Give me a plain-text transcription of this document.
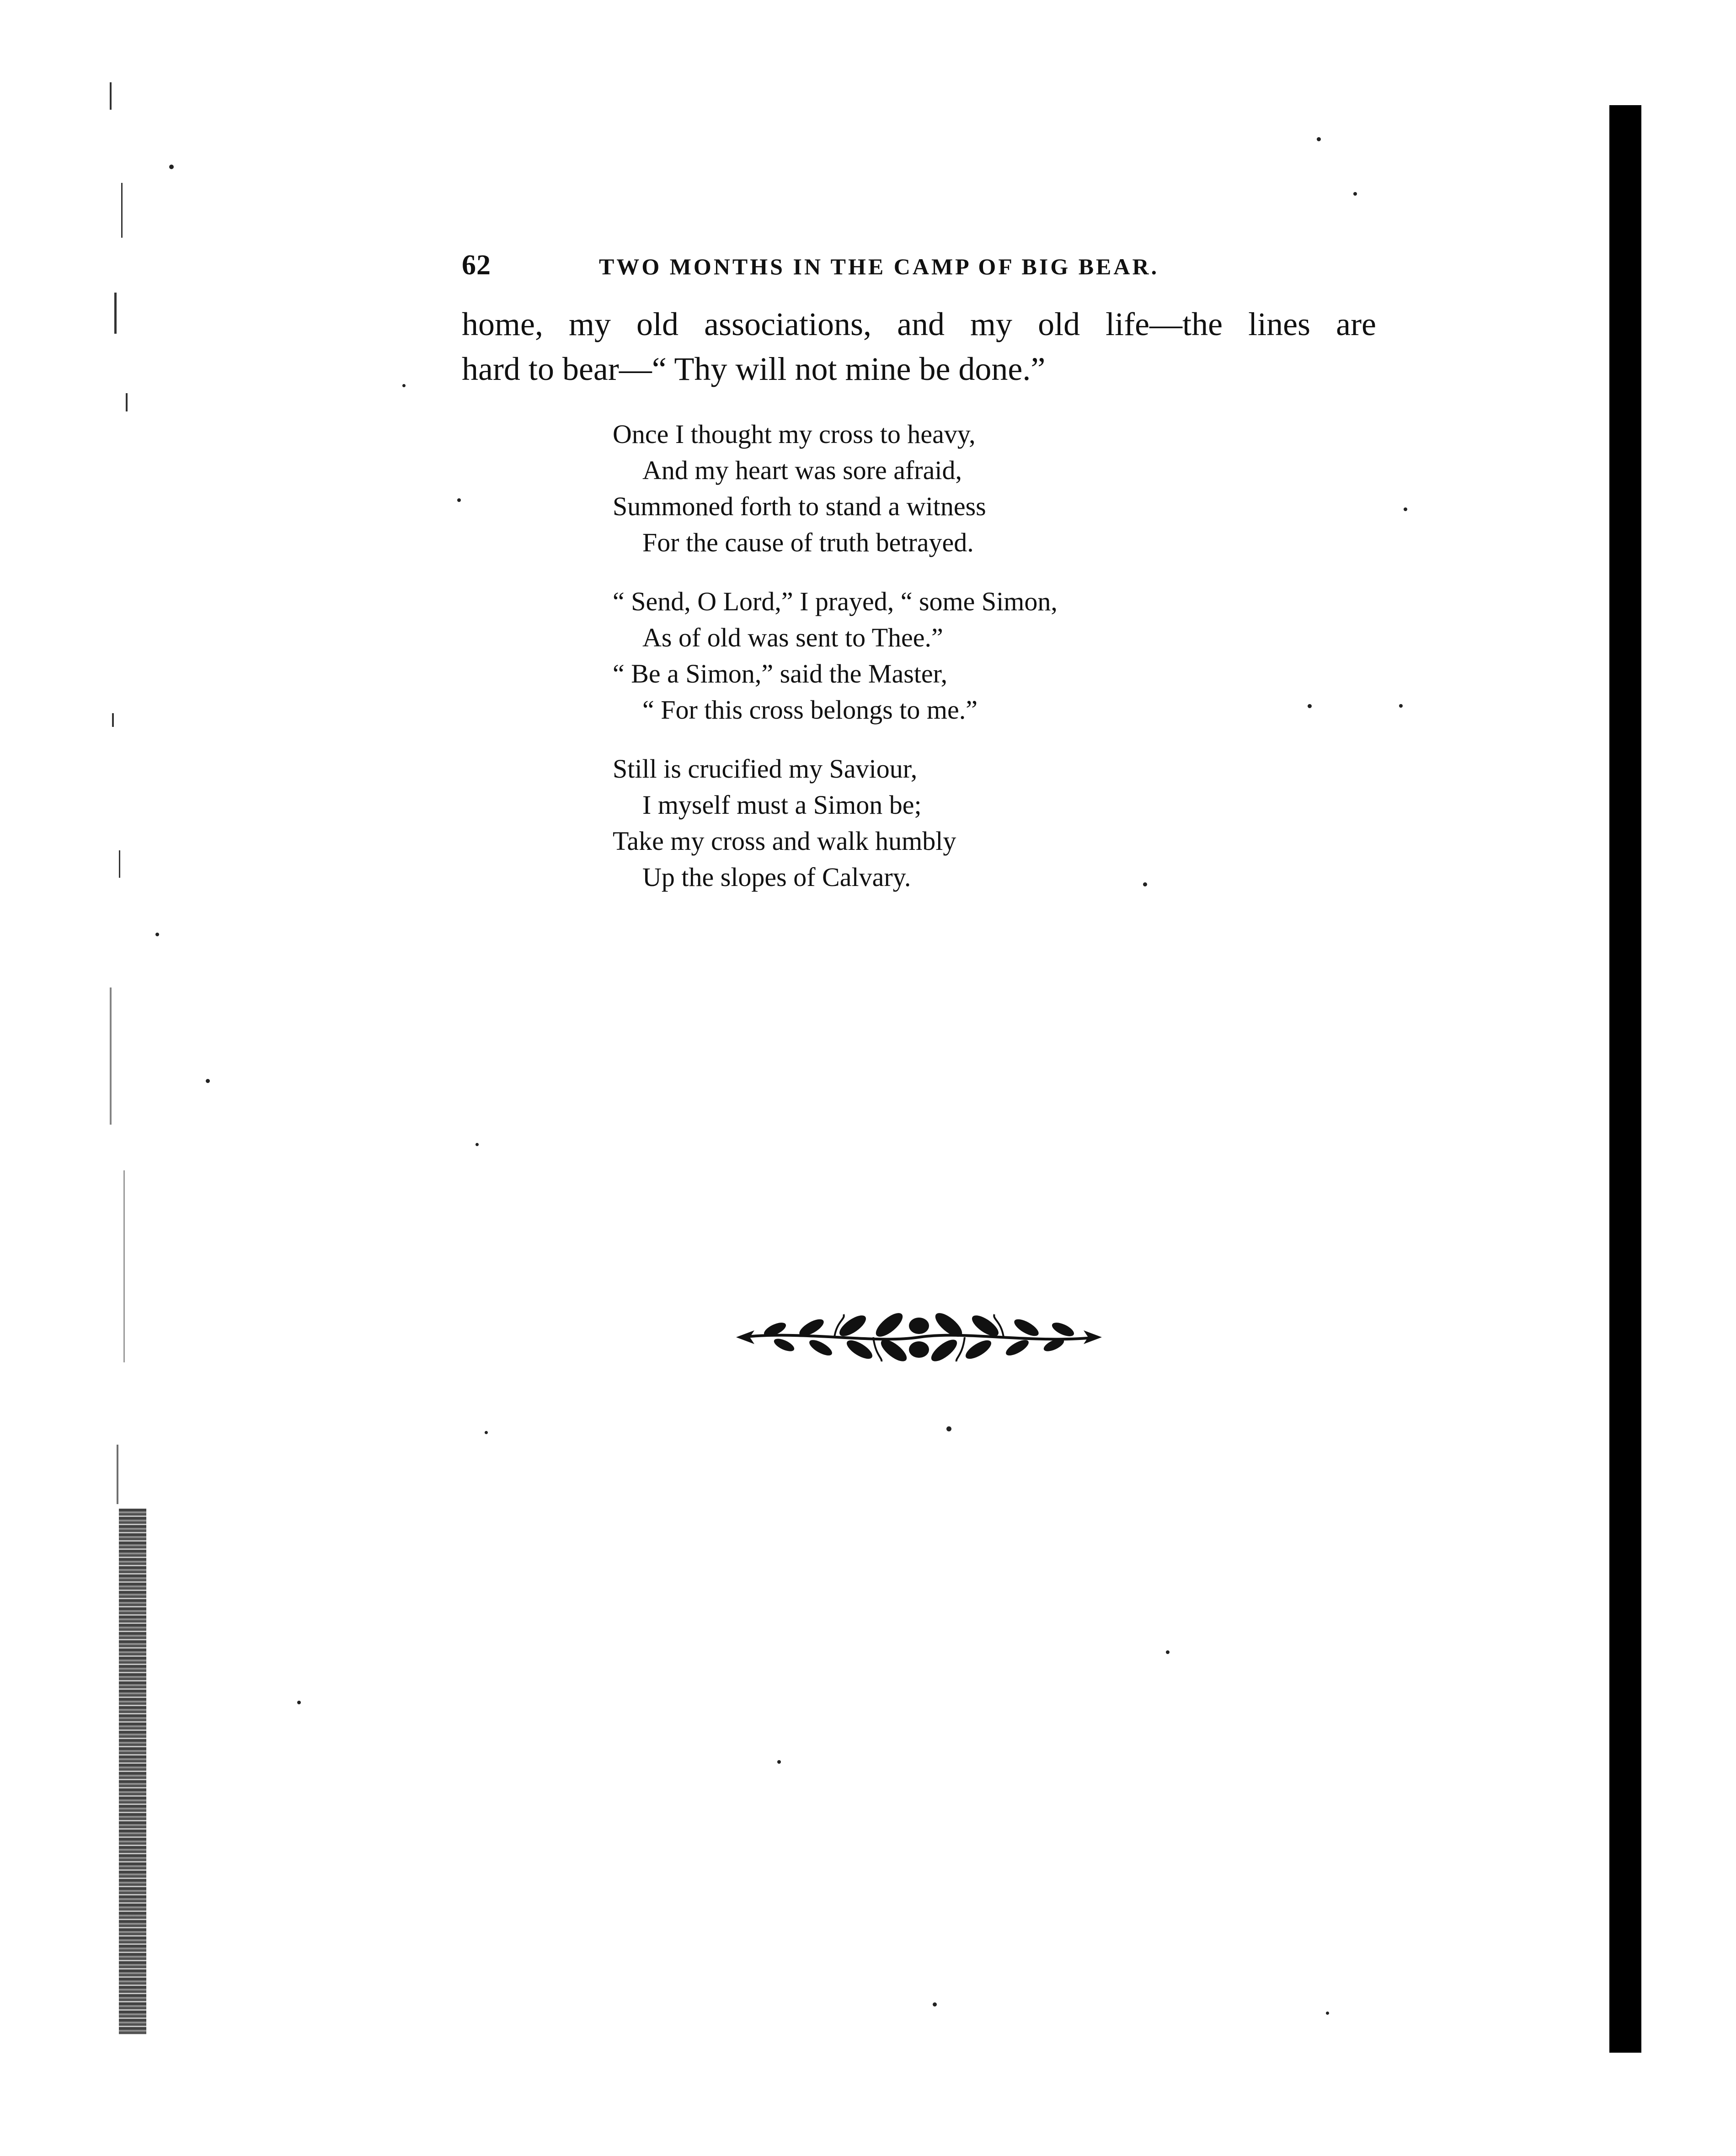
62	TWO MONTHS IN THE CAMP OF BIG BEAR.
home, my old associations, and my old life—the lines are
hard to bear—“ Thy will not mine be done.”
Once I thought my cross to heavy,
And my heart was sore afraid,
Summoned forth to stand a witness
For the cause of truth betrayed.
“ Send, O Lord,” I prayed, “ some Simon,
As of old was sent to Thee.”
“ Be a Simon,” said the Master,
“ For this cross belongs to me.”
Still is crucified my Saviour,
I myself must a Simon be;
Take my cross and walk humbly
Up the slopes of Calvary.
